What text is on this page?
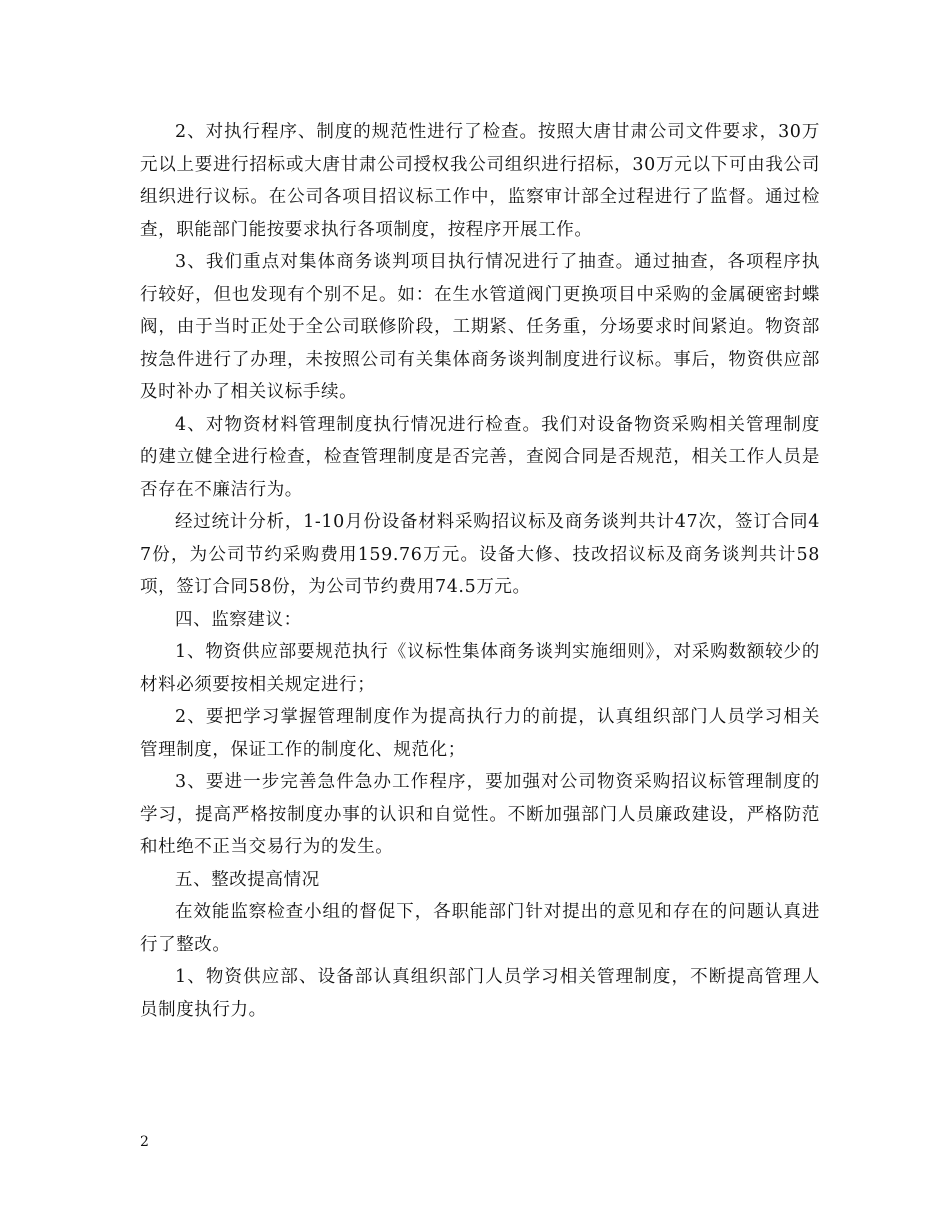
2、对执行程序、制度的规范性进行了检查。按照大唐甘肃公司文件要求，30万元以上要进行招标或大唐甘肃公司授权我公司组织进行招标，30万元以下可由我公司组织进行议标。在公司各项目招议标工作中，监察审计部全过程进行了监督。通过检查，职能部门能按要求执行各项制度，按程序开展工作。

3、我们重点对集体商务谈判项目执行情况进行了抽查。通过抽查，各项程序执行较好，但也发现有个别不足。如：在生水管道阀门更换项目中采购的金属硬密封蝶阀，由于当时正处于全公司联修阶段，工期紧、任务重，分场要求时间紧迫。物资部按急件进行了办理，未按照公司有关集体商务谈判制度进行议标。事后，物资供应部及时补办了相关议标手续。

4、对物资材料管理制度执行情况进行检查。我们对设备物资采购相关管理制度的建立健全进行检查，检查管理制度是否完善，查阅合同是否规范，相关工作人员是否存在不廉洁行为。

经过统计分析，1-10月份设备材料采购招议标及商务谈判共计47次，签订合同47份，为公司节约采购费用159.76万元。设备大修、技改招议标及商务谈判共计58项，签订合同58份，为公司节约费用74.5万元。

四、监察建议：

1、物资供应部要规范执行《议标性集体商务谈判实施细则》，对采购数额较少的材料必须要按相关规定进行；

2、要把学习掌握管理制度作为提高执行力的前提，认真组织部门人员学习相关管理制度，保证工作的制度化、规范化；

3、要进一步完善急件急办工作程序，要加强对公司物资采购招议标管理制度的学习，提高严格按制度办事的认识和自觉性。不断加强部门人员廉政建设，严格防范和杜绝不正当交易行为的发生。

五、整改提高情况

在效能监察检查小组的督促下，各职能部门针对提出的意见和存在的问题认真进行了整改。

1、物资供应部、设备部认真组织部门人员学习相关管理制度，不断提高管理人员制度执行力。

2
